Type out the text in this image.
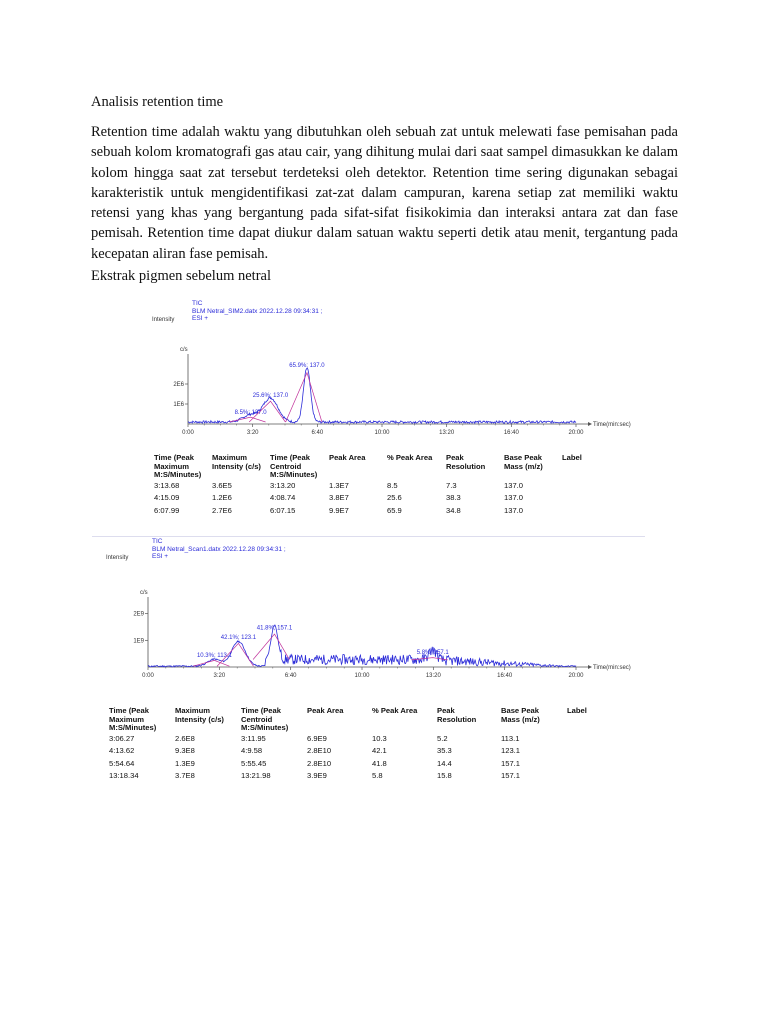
Analisis retention time

Retention time adalah waktu yang dibutuhkan oleh sebuah zat untuk melewati fase pemisahan pada sebuah kolom kromatografi gas atau cair, yang dihitung mulai dari saat sampel dimasukkan ke dalam kolom hingga saat zat tersebut terdeteksi oleh detektor. Retention time sering digunakan sebagai karakteristik untuk mengidentifikasi zat-zat dalam campuran, karena setiap zat memiliki waktu retensi yang khas yang bergantung pada sifat-sifat fisikokimia dan interaksi antara zat dan fase pemisah. Retention time dapat diukur dalam satuan waktu seperti detik atau menit, tergantung pada kecepatan aliran fase pemisah.

Ekstrak pigmen sebelum netral
TIC
BLM Netral_SIM2.datx 2022.12.28 09:34:31 ;
ESI +
Intensity
c/s
Time(min:sec)
0:00	3:20	6:40	10:00	13:20	16:40	20:00
1E6
2E6
8.5%; 137.0
25.6%; 137.0
65.9%; 137.0
Time (Peak
Maximum
M:S/Minutes)	Maximum
Intensity (c/s)	Time (Peak
Centroid
M:S/Minutes)	Peak Area	% Peak Area	Peak
Resolution	Base Peak
Mass (m/z)	Label
3:13.68	3.6E5	3:13.20	1.3E7	8.5	7.3	137.0	
4:15.09	1.2E6	4:08.74	3.8E7	25.6	38.3	137.0	
6:07.99	2.7E6	6:07.15	9.9E7	65.9	34.8	137.0	
TIC
BLM Netral_Scan1.datx 2022.12.28 09:34:31 ;
ESI +
Intensity
c/s
Time(min:sec)
0:00	3:20	6:40	10:00	13:20	16:40	20:00
1E9
2E9
10.3%; 113.1
42.1%; 123.1
41.8%; 157.1
5.8%; 157.1
Time (Peak
Maximum
M:S/Minutes)	Maximum
Intensity (c/s)	Time (Peak
Centroid
M:S/Minutes)	Peak Area	% Peak Area	Peak
Resolution	Base Peak
Mass (m/z)	Label
3:06.27	2.6E8	3:11.95	6.9E9	10.3	5.2	113.1	
4:13.62	9.3E8	4:9.58	2.8E10	42.1	35.3	123.1	
5:54.64	1.3E9	5:55.45	2.8E10	41.8	14.4	157.1	
13:18.34	3.7E8	13:21.98	3.9E9	5.8	15.8	157.1	
